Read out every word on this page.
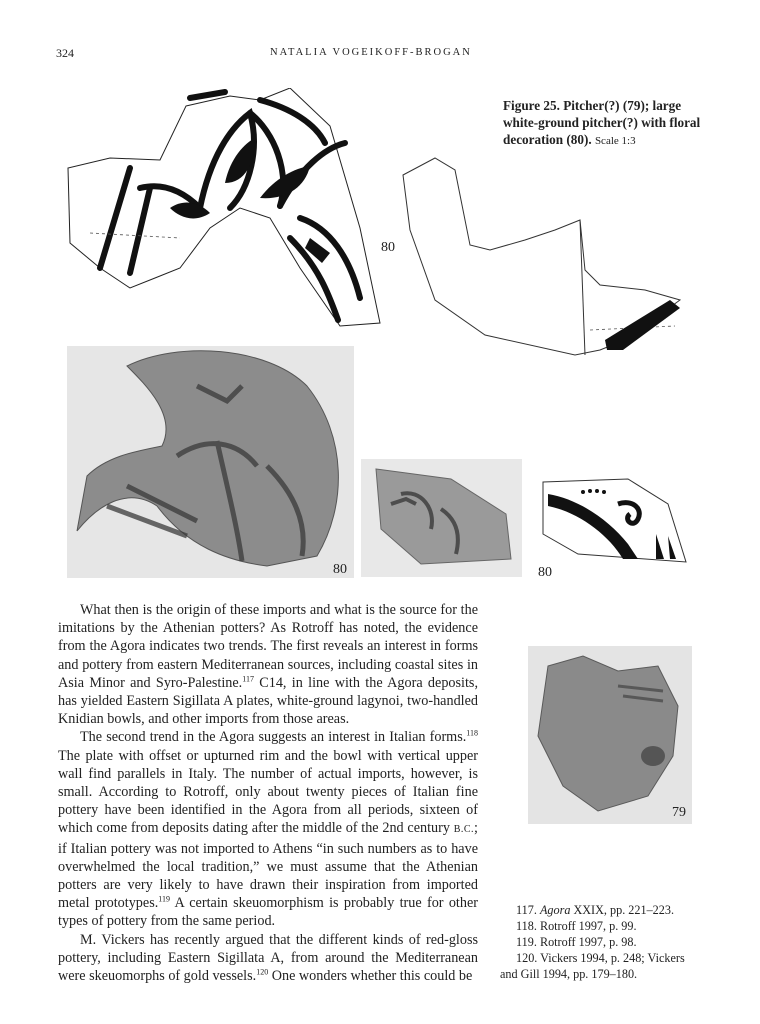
324	NATALIA VOGEIKOFF-BROGAN
Figure 25. Pitcher(?) (79); large white-ground pitcher(?) with floral decoration (80). Scale 1:3
80
80	80
79

What then is the origin of these imports and what is the source for the imitations by the Athenian potters? As Rotroff has noted, the evidence from the Agora indicates two trends. The first reveals an interest in forms and pottery from eastern Mediterranean sources, including coastal sites in Asia Minor and Syro-Palestine.$^{117}$ C14, in line with the Agora deposits, has yielded Eastern Sigillata A plates, white-ground lagynoi, two-handled Knidian bowls, and other imports from those areas.

The second trend in the Agora suggests an interest in Italian forms.$^{118}$ The plate with offset or upturned rim and the bowl with vertical upper wall find parallels in Italy. The number of actual imports, however, is small. According to Rotroff, only about twenty pieces of Italian fine pottery have been identified in the Agora from all periods, sixteen of which come from deposits dating after the middle of the 2nd century B.C.; if Italian pottery was not imported to Athens “in such numbers as to have overwhelmed the local tradition,” we must assume that the Athenian potters are very likely to have drawn their inspiration from imported metal prototypes.$^{119}$ A certain skeuomorphism is probably true for other types of pottery from the same period.

M. Vickers has recently argued that the different kinds of red-gloss pottery, including Eastern Sigillata A, from around the Mediterranean were skeuomorphs of gold vessels.$^{120}$ One wonders whether this could be

117. Agora XXIX, pp. 221–223.
118. Rotroff 1997, p. 99.
119. Rotroff 1997, p. 98.
120. Vickers 1994, p. 248; Vickers
and Gill 1994, pp. 179–180.
